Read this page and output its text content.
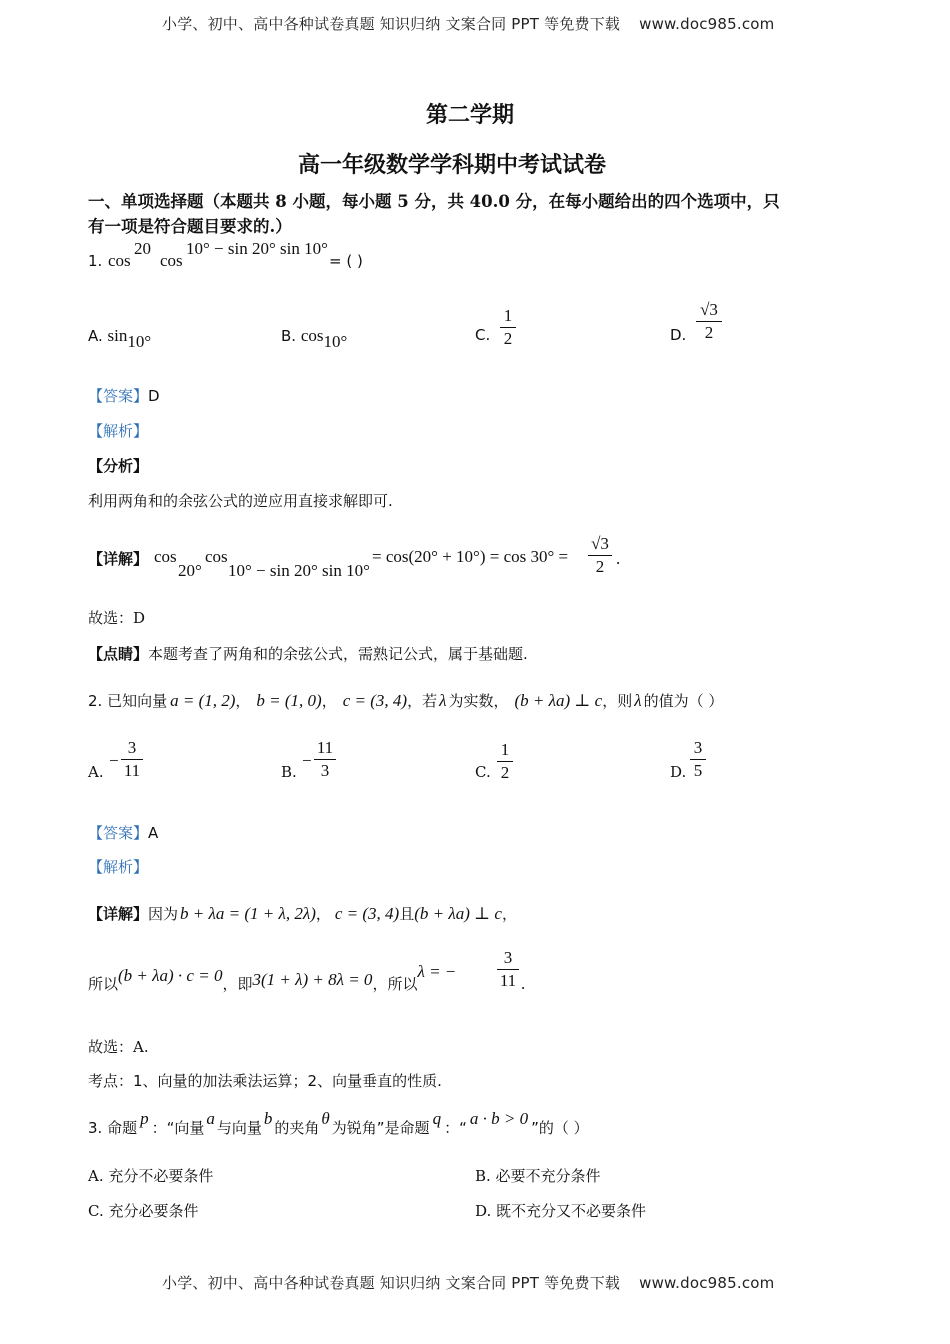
小学、初中、高中各种试卷真题 知识归纳 文案合同 PPT 等免费下载 www.doc985.com
第二学期
高一年级数学学科期中考试试卷
一、单项选择题（本题共 8 小题，每小题 5 分，共 40.0 分，在每小题给出的四个选项中，只
有一项是符合题目要求的.）
1. cos
20
cos
10° − sin 20° sin 10°
= ( )
A. sin10°	B. cos10°	C.
1
2	D.
√3
2
【答案】D
【解析】
【分析】
利用两角和的余弦公式的逆应用直接求解即可.
【详解】 cos
20°
cos
10° − sin 20° sin 10°
= cos(20° + 10°) = cos 30° =
√3
2 .
故选：D
【点睛】本题考查了两角和的余弦公式，需熟记公式，属于基础题.
2. 已知向量 a = (1, 2)， b = (1, 0)， c = (3, 4)，若 λ 为实数， (b + λa) ⊥ c，则 λ 的值为（ ）
A.
−
3
11	B.
−
11
3	C.
1
2	D.
3
5
【答案】A
【解析】
【详解】因为 b + λa = (1 + λ, 2λ)， c = (3, 4)且(b + λa) ⊥ c，
所以(b + λa) · c = 0，即3(1 + λ) + 8λ = 0，所以λ = −
3
11 .
故选：A.
考点：1、向量的加法乘法运算；2、向量垂直的性质.
3. 命题 p ：“向量 a 与向量 b 的夹角 θ 为锐角”是命题 q ：“ a · b > 0 ”的（ ）
A. 充分不必要条件	B. 必要不充分条件
C. 充分必要条件	D. 既不充分又不必要条件
小学、初中、高中各种试卷真题 知识归纳 文案合同 PPT 等免费下载 www.doc985.com
